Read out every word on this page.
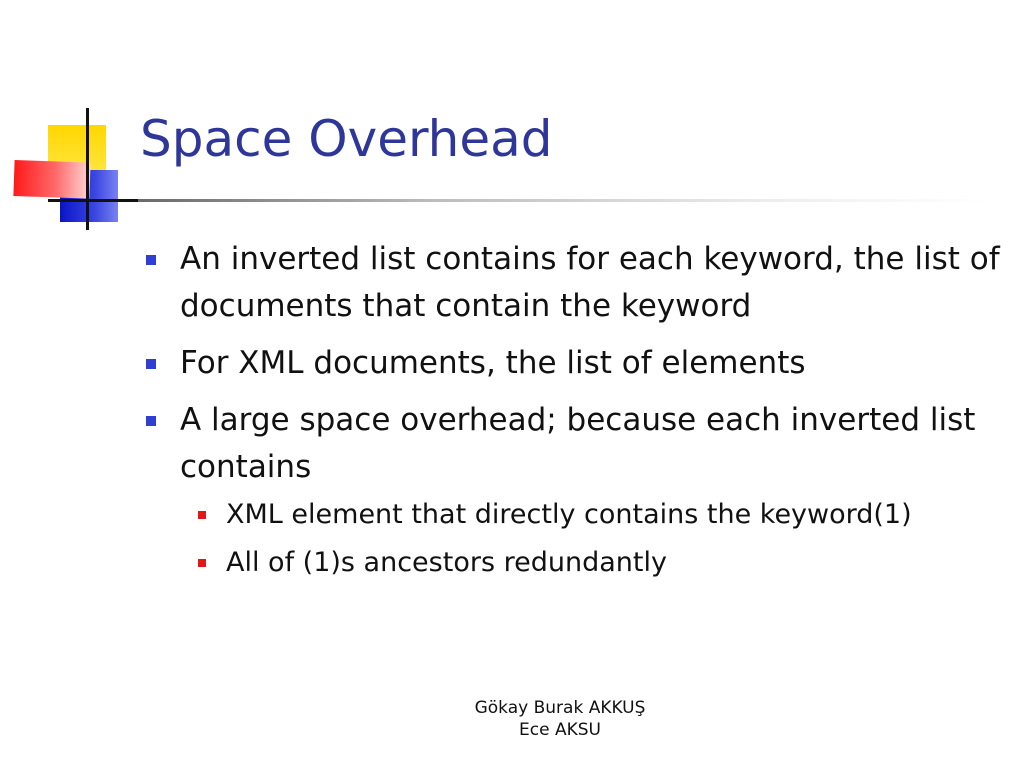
Space Overhead
An inverted list contains for each keyword, the list of documents that contain the keyword
For XML documents, the list of elements
A large space overhead; because each inverted list contains
XML element that directly contains the keyword(1)
All of (1)s ancestors redundantly
Gökay Burak AKKUŞ
Ece AKSU
